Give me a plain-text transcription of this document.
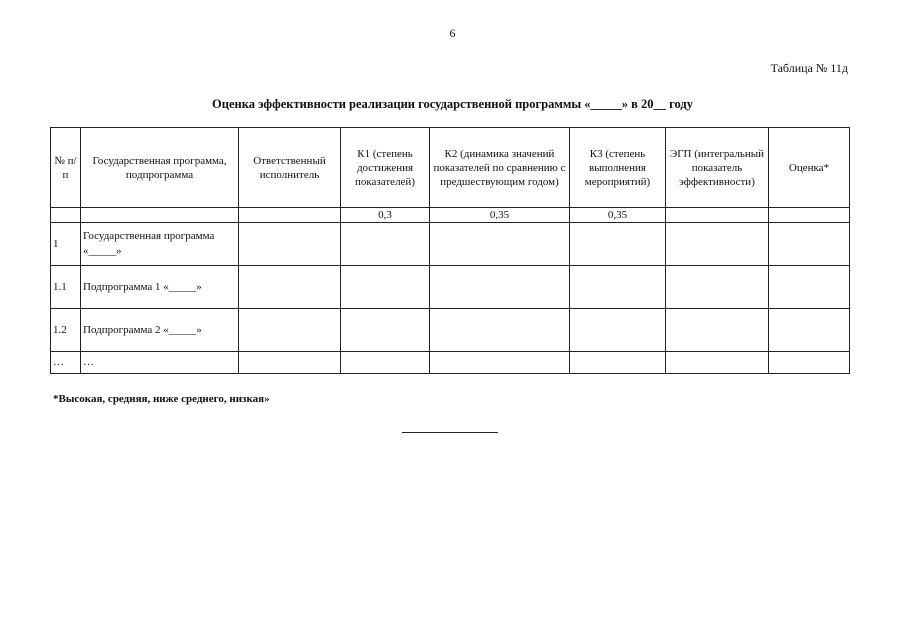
6
Таблица № 11д
Оценка эффективности реализации государственной программы «_____» в 20__ году
№ п/п	Государственная программа, подпрограмма	Ответственный исполнитель	К1 (степень достижения показателей)	К2 (динамика значений показателей по сравнению с предшествующим годом)	К3 (степень выполнения мероприятий)	ЭГП (интегральный показатель эффективности)	Оценка*
			0,3	0,35	0,35		
1	Государственная программа «_____»						
1.1	Подпрограмма 1 «_____»						
1.2	Подпрограмма 2 «_____»						
…	…						
*Высокая, средняя, ниже среднего, низкая»
